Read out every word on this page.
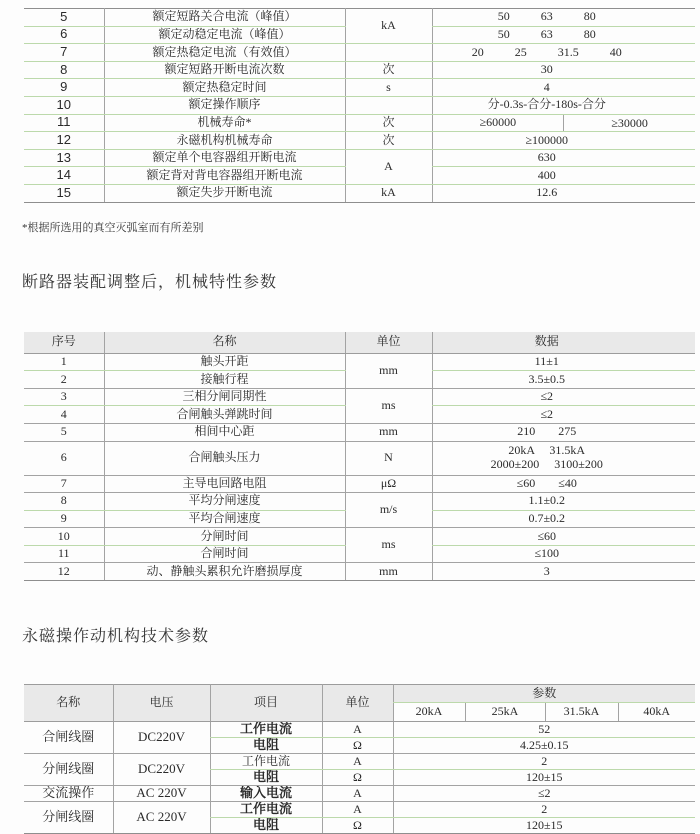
5	额定短路关合电流（峰值）	kA	50 63 80
6	额定动稳定电流（峰值）		50 63 80
7	额定热稳定电流（有效值）		20 25 31.5 40
8	额定短路开断电流次数	次	30
9	额定热稳定时间	s	4
10	额定操作顺序		分-0.3s-合分-180s-合分
11	机械寿命*	次	≥60000 ≥30000

12	永磁机构机械寿命	次	≥100000
13	额定单个电容器组开断电流	A	630
14	额定背对背电容器组开断电流		400
15	额定失步开断电流	kA	12.6
*根据所选用的真空灭弧室而有所差别
断路器装配调整后，机械特性参数
序号	名称	单位	数据
1	触头开距	mm	11±1
2	接触行程		3.5±0.5
3	三相分闸同期性	ms	≤2
4	合闸触头弹跳时间		≤2
5	相间中心距	mm	210 275
6	合闸触头压力	N	20kA 31.5kA
2000±200 3100±200

7	主导电回路电阻	μΩ	≤60 ≤40
8	平均分闸速度	m/s	1.1±0.2
9	平均合闸速度		0.7±0.2
10	分闸时间	ms	≤60
11	合闸时间		≤100
12	动、静触头累积允许磨损厚度	mm	3
永磁操作动机构技术参数
名称	电压	项目	单位	参数			
				20kA	25kA	31.5kA	40kA
合闸线圈	DC220V	工作电流	A	52			
		电阻	Ω	4.25±0.15			
分闸线圈	DC220V	工作电流	A	2			
		电阻	Ω	120±15			
交流操作	AC 220V	输入电流	A	≤2			
分闸线圈	AC 220V	工作电流	A	2			
		电阻	Ω	120±15			
